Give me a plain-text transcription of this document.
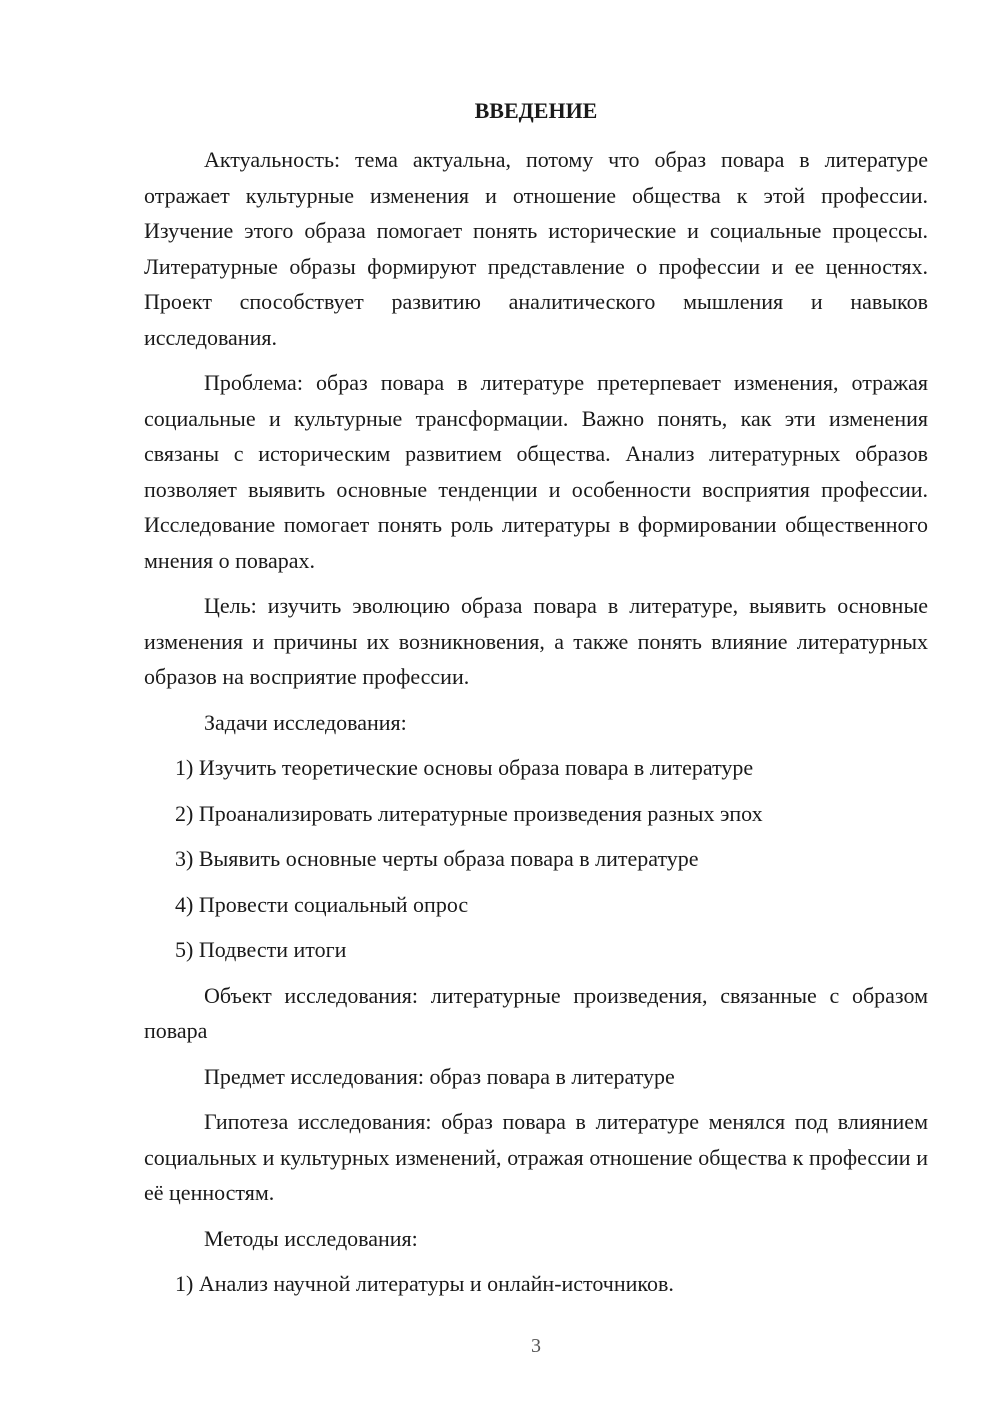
ВВЕДЕНИЕ

Актуальность: тема актуальна, потому что образ повара в литературе отражает культурные изменения и отношение общества к этой профессии. Изучение этого образа помогает понять исторические и социальные процессы. Литературные образы формируют представление о профессии и ее ценностях. Проект способствует развитию аналитического мышления и навыков исследования.

Проблема: образ повара в литературе претерпевает изменения, отражая социальные и культурные трансформации. Важно понять, как эти изменения связаны с историческим развитием общества. Анализ литературных образов позволяет выявить основные тенденции и особенности восприятия профессии. Исследование помогает понять роль литературы в формировании общественного мнения о поварах.

Цель: изучить эволюцию образа повара в литературе, выявить основные изменения и причины их возникновения, а также понять влияние литературных образов на восприятие профессии.

Задачи исследования:

1) Изучить теоретические основы образа повара в литературе

2) Проанализировать литературные произведения разных эпох

3) Выявить основные черты образа повара в литературе

4) Провести социальный опрос

5) Подвести итоги

Объект исследования: литературные произведения, связанные с образом повара

Предмет исследования: образ повара в литературе

Гипотеза исследования: образ повара в литературе менялся под влиянием социальных и культурных изменений, отражая отношение общества к профессии и её ценностям.

Методы исследования:

1) Анализ научной литературы и онлайн-источников.

3
